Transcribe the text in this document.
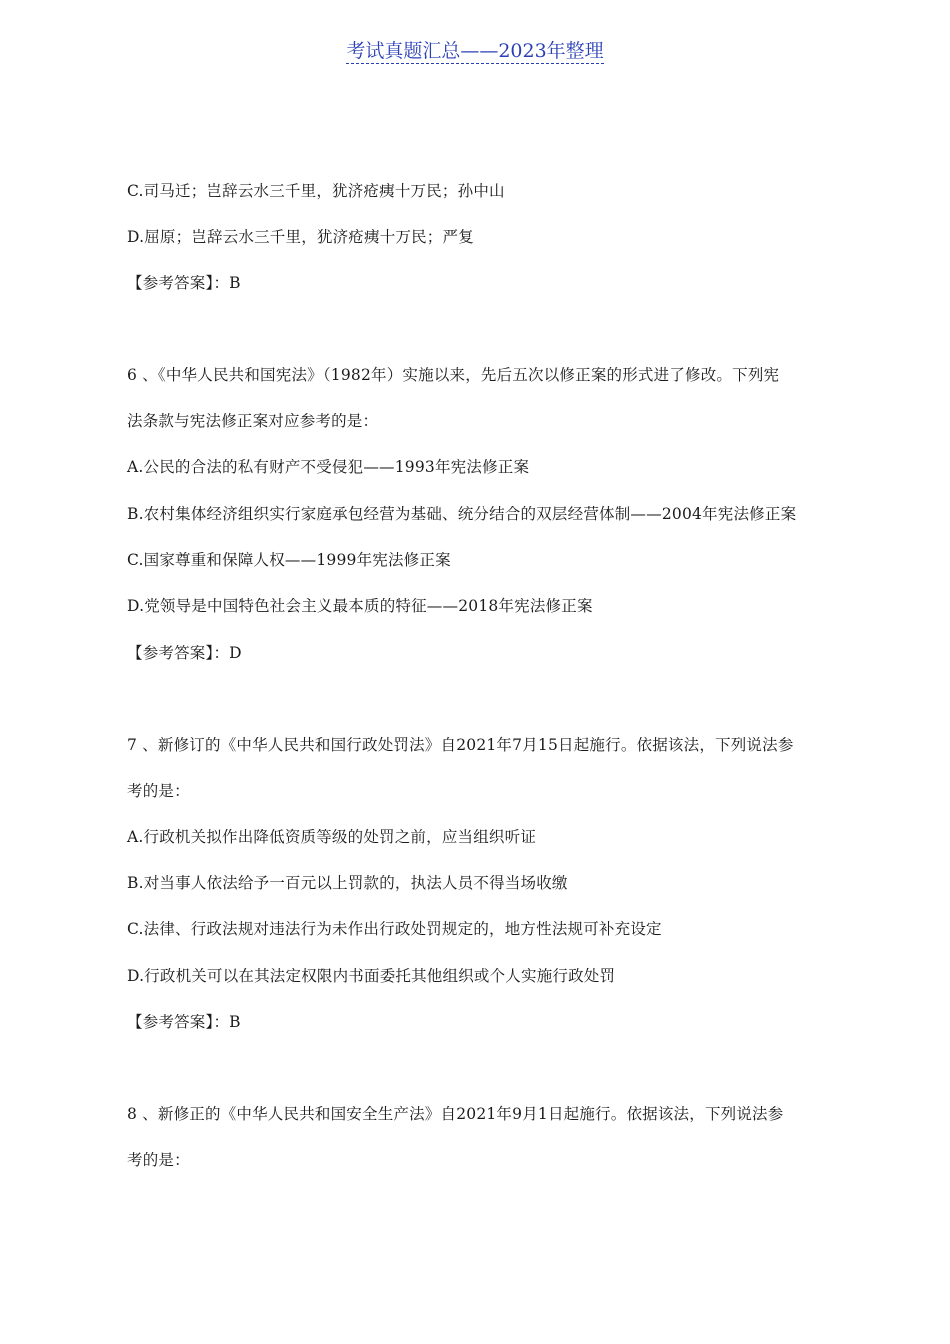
考试真题汇总——2023年整理
C.司马迁；岂辞云水三千里，犹济疮痍十万民；孙中山
D.屈原；岂辞云水三千里，犹济疮痍十万民；严复
【参考答案】：B
6 、《中华人民共和国宪法》（1982年）实施以来，先后五次以修正案的形式进了修改。下列宪
法条款与宪法修正案对应参考的是：
A.公民的合法的私有财产不受侵犯——1993年宪法修正案
B.农村集体经济组织实行家庭承包经营为基础、统分结合的双层经营体制——2004年宪法修正案
C.国家尊重和保障人权——1999年宪法修正案
D.党领导是中国特色社会主义最本质的特征——2018年宪法修正案
【参考答案】：D
7 、新修订的《中华人民共和国行政处罚法》自2021年7月15日起施行。依据该法，下列说法参
考的是：
A.行政机关拟作出降低资质等级的处罚之前，应当组织听证
B.对当事人依法给予一百元以上罚款的，执法人员不得当场收缴
C.法律、行政法规对违法行为未作出行政处罚规定的，地方性法规可补充设定
D.行政机关可以在其法定权限内书面委托其他组织或个人实施行政处罚
【参考答案】：B
8 、新修正的《中华人民共和国安全生产法》自2021年9月1日起施行。依据该法，下列说法参
考的是：
